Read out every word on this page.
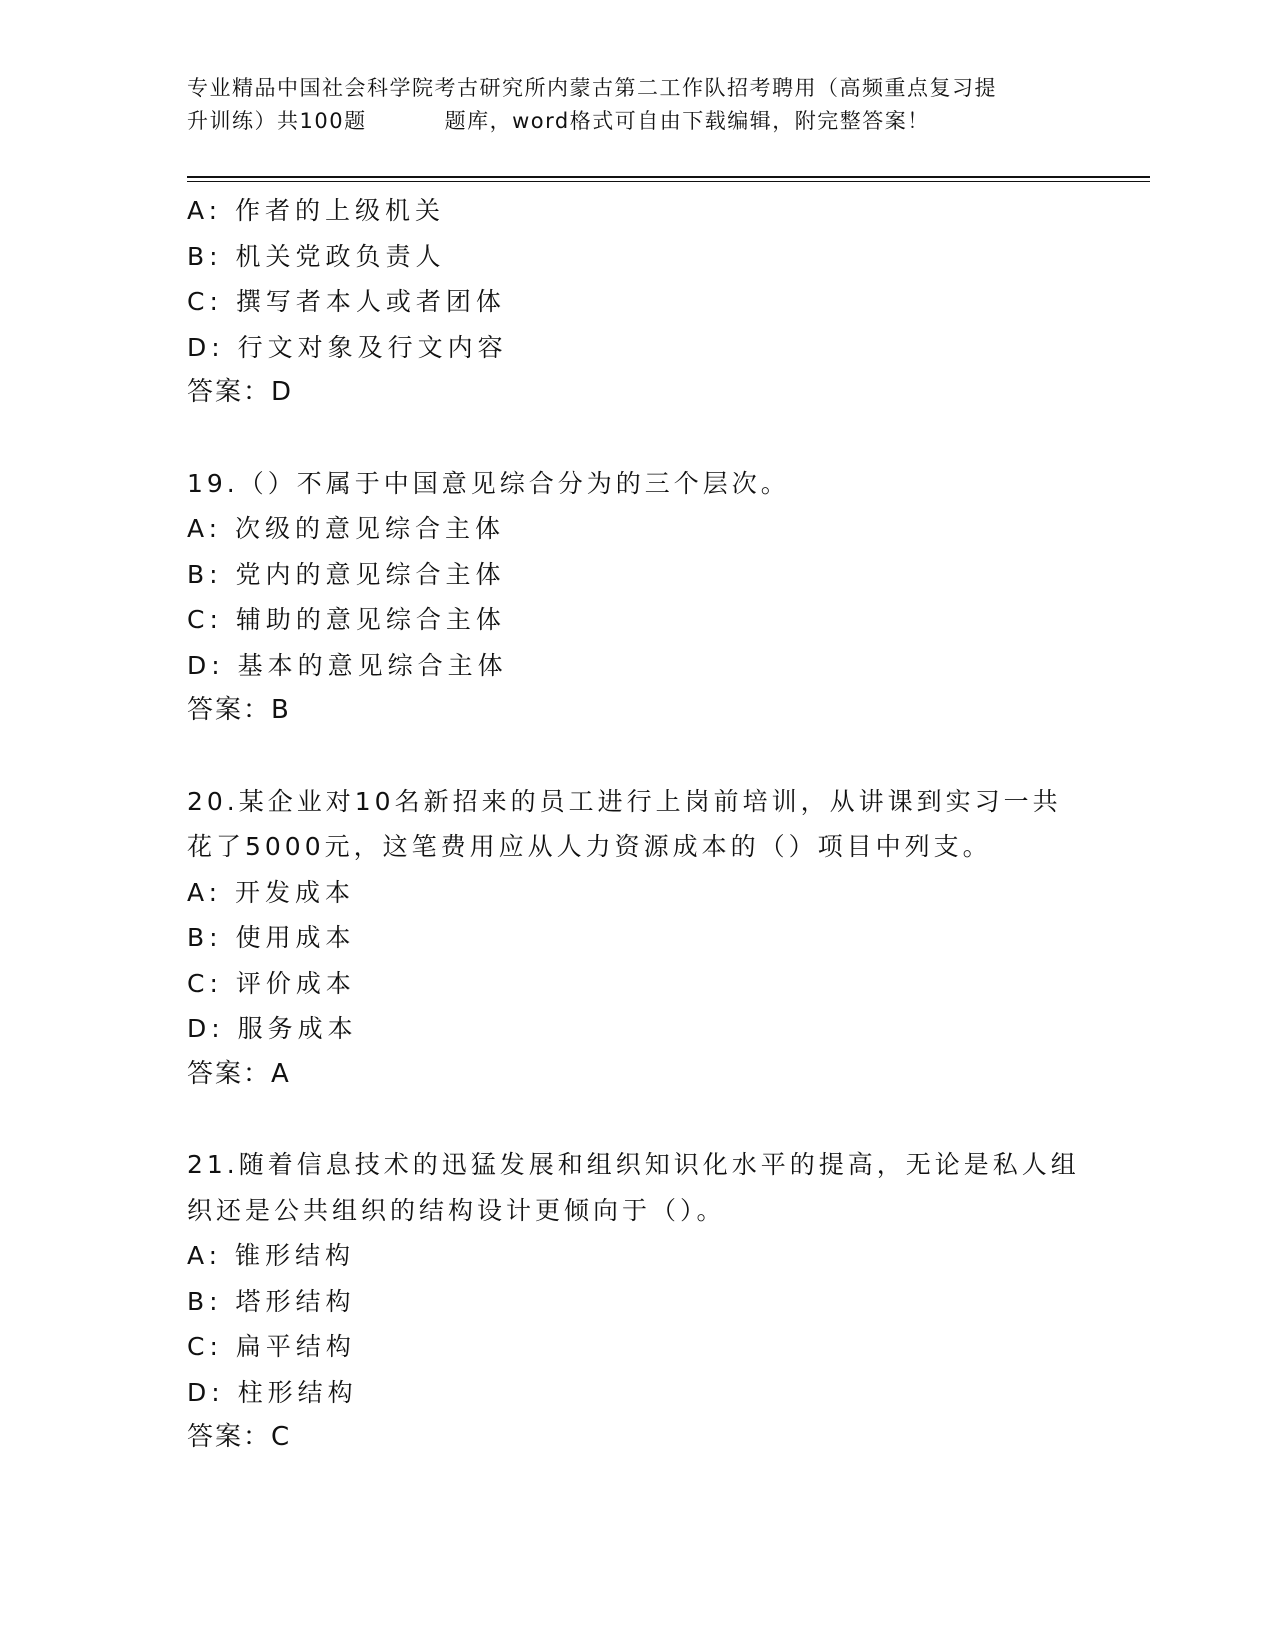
专业精品中国社会科学院考古研究所内蒙古第二工作队招考聘用（高频重点复习提
升训练）共100题	题库，word格式可自由下载编辑，附完整答案！
A: 作者的上级机关
B: 机关党政负责人
C: 撰写者本人或者团体
D: 行文对象及行文内容
答案：D
19.（）不属于中国意见综合分为的三个层次。
A: 次级的意见综合主体
B: 党内的意见综合主体
C: 辅助的意见综合主体
D: 基本的意见综合主体
答案：B
20.某企业对10名新招来的员工进行上岗前培训，从讲课到实习一共
花了5000元，这笔费用应从人力资源成本的（）项目中列支。
A: 开发成本
B: 使用成本
C: 评价成本
D: 服务成本
答案：A
21.随着信息技术的迅猛发展和组织知识化水平的提高，无论是私人组
织还是公共组织的结构设计更倾向于（）。
A: 锥形结构
B: 塔形结构
C: 扁平结构
D: 柱形结构
答案：C
